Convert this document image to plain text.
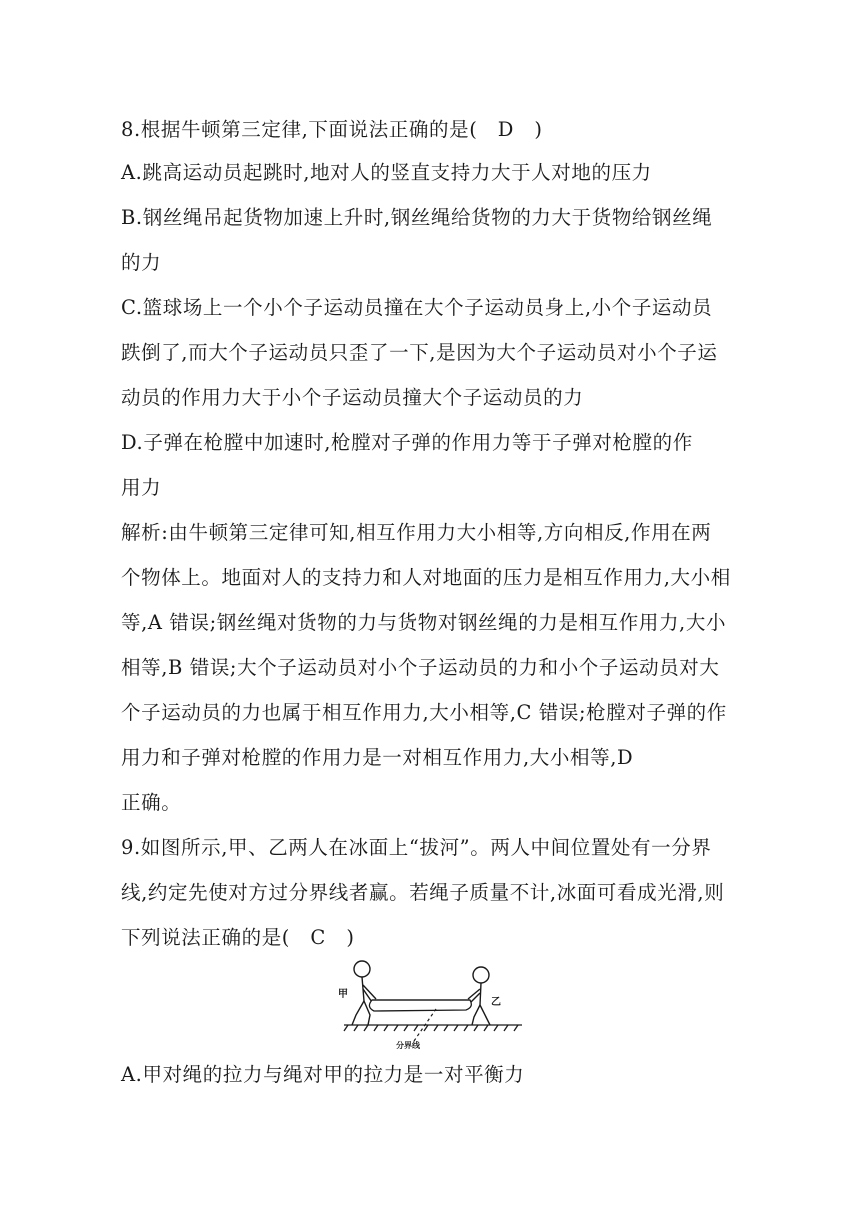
8.根据牛顿第三定律,下面说法正确的是(   D   )
A.跳高运动员起跳时,地对人的竖直支持力大于人对地的压力
B.钢丝绳吊起货物加速上升时,钢丝绳给货物的力大于货物给钢丝绳
的力
C.篮球场上一个小个子运动员撞在大个子运动员身上,小个子运动员
跌倒了,而大个子运动员只歪了一下,是因为大个子运动员对小个子运
动员的作用力大于小个子运动员撞大个子运动员的力
D.子弹在枪膛中加速时,枪膛对子弹的作用力等于子弹对枪膛的作
用力
解析:由牛顿第三定律可知,相互作用力大小相等,方向相反,作用在两
个物体上。地面对人的支持力和人对地面的压力是相互作用力,大小相
等,A 错误;钢丝绳对货物的力与货物对钢丝绳的力是相互作用力,大小
相等,B 错误;大个子运动员对小个子运动员的力和小个子运动员对大
个子运动员的力也属于相互作用力,大小相等,C 错误;枪膛对子弹的作
用力和子弹对枪膛的作用力是一对相互作用力,大小相等,D
正确。
9.如图所示,甲、乙两人在冰面上“拔河”。两人中间位置处有一分界
线,约定先使对方过分界线者赢。若绳子质量不计,冰面可看成光滑,则
下列说法正确的是(   C   )
甲
乙
分界线
A.甲对绳的拉力与绳对甲的拉力是一对平衡力
